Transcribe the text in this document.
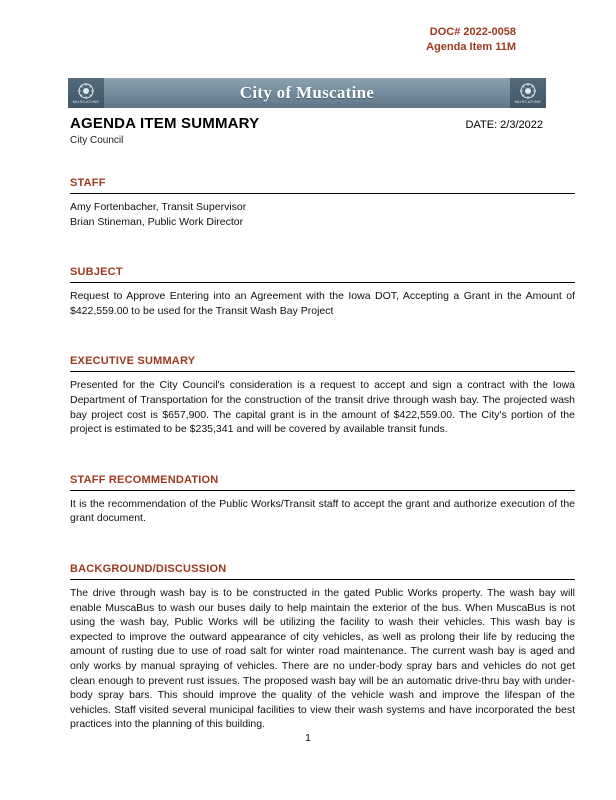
DOC# 2022-0058
Agenda Item 11M
MUSCATINE	City of Muscatine	MUSCATINE
AGENDA ITEM SUMMARY	DATE: 2/3/2022
City Council
STAFF

Amy Fortenbacher, Transit Supervisor

Brian Stineman, Public Work Director

SUBJECT

Request to Approve Entering into an Agreement with the Iowa DOT, Accepting a Grant in the Amount of $422,559.00 to be used for the Transit Wash Bay Project

EXECUTIVE SUMMARY

Presented for the City Council's consideration is a request to accept and sign a contract with the Iowa Department of Transportation for the construction of the transit drive through wash bay. The projected wash bay project cost is $657,900. The capital grant is in the amount of $422,559.00. The City's portion of the project is estimated to be $235,341 and will be covered by available transit funds.

STAFF RECOMMENDATION

It is the recommendation of the Public Works/Transit staff to accept the grant and authorize execution of the grant document.

BACKGROUND/DISCUSSION

The drive through wash bay is to be constructed in the gated Public Works property. The wash bay will enable MuscaBus to wash our buses daily to help maintain the exterior of the bus. When MuscaBus is not using the wash bay, Public Works will be utilizing the facility to wash their vehicles. This wash bay is expected to improve the outward appearance of city vehicles, as well as prolong their life by reducing the amount of rusting due to use of road salt for winter road maintenance. The current wash bay is aged and only works by manual spraying of vehicles. There are no under-body spray bars and vehicles do not get clean enough to prevent rust issues. The proposed wash bay will be an automatic drive-thru bay with under-body spray bars. This should improve the quality of the vehicle wash and improve the lifespan of the vehicles. Staff visited several municipal facilities to view their wash systems and have incorporated the best practices into the planning of this building.

1
